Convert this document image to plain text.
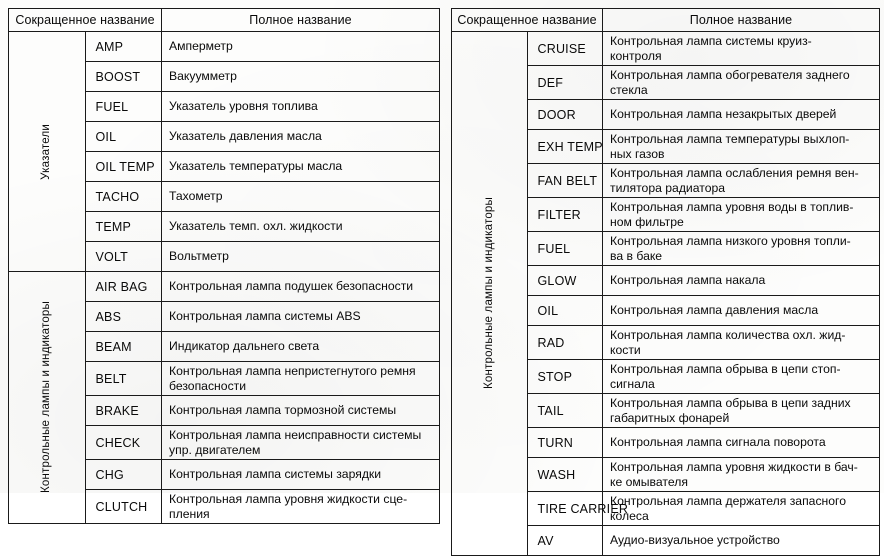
Сокращенное название		Полное название

Указатели	AMP	Амперметр
	BOOST	Вакуумметр
	FUEL	Указатель уровня топлива
	OIL	Указатель давления масла
	OIL TEMP	Указатель температуры масла
	TACHO	Тахометр
	TEMP	Указатель темп. охл. жидкости
	VOLT	Вольтметр

Контрольные лампы и индикаторы	AIR BAG	Контрольная лампа подушек безопасности
	ABS	Контрольная лампа системы ABS
	BEAM	Индикатор дальнего света
	BELT	Контрольная лампа непристегнутого ремня
безопасности

	BRAKE	Контрольная лампа тормозной системы
	CHECK	Контрольная лампа неисправности системы
упр. двигателем

	CHG	Контрольная лампа системы зарядки
	CLUTCH	Контрольная лампа уровня жидкости сце-
пления
Сокращенное название		Полное название

Контрольные лампы и индикаторы	CRUISE	Контрольная лампа системы круиз-
контроля

	DEF	Контрольная лампа обогревателя заднего
стекла

	DOOR	Контрольная лампа незакрытых дверей
	EXH TEMP	Контрольная лампа температуры выхлоп-
ных газов

	FAN BELT	Контрольная лампа ослабления ремня вен-
тилятора радиатора

	FILTER	Контрольная лампа уровня воды в топлив-
ном фильтре

	FUEL	Контрольная лампа низкого уровня топли-
ва в баке

	GLOW	Контрольная лампа накала
	OIL	Контрольная лампа давления масла
	RAD	Контрольная лампа количества охл. жид-
кости

	STOP	Контрольная лампа обрыва в цепи стоп-
сигнала

	TAIL	Контрольная лампа обрыва в цепи задних
габаритных фонарей

	TURN	Контрольная лампа сигнала поворота
	WASH	Контрольная лампа уровня жидкости в бач-
ке омывателя

	TIRE CARRIER	Контрольная лампа держателя запасного
колеса

	AV	Аудио-визуальное устройство
